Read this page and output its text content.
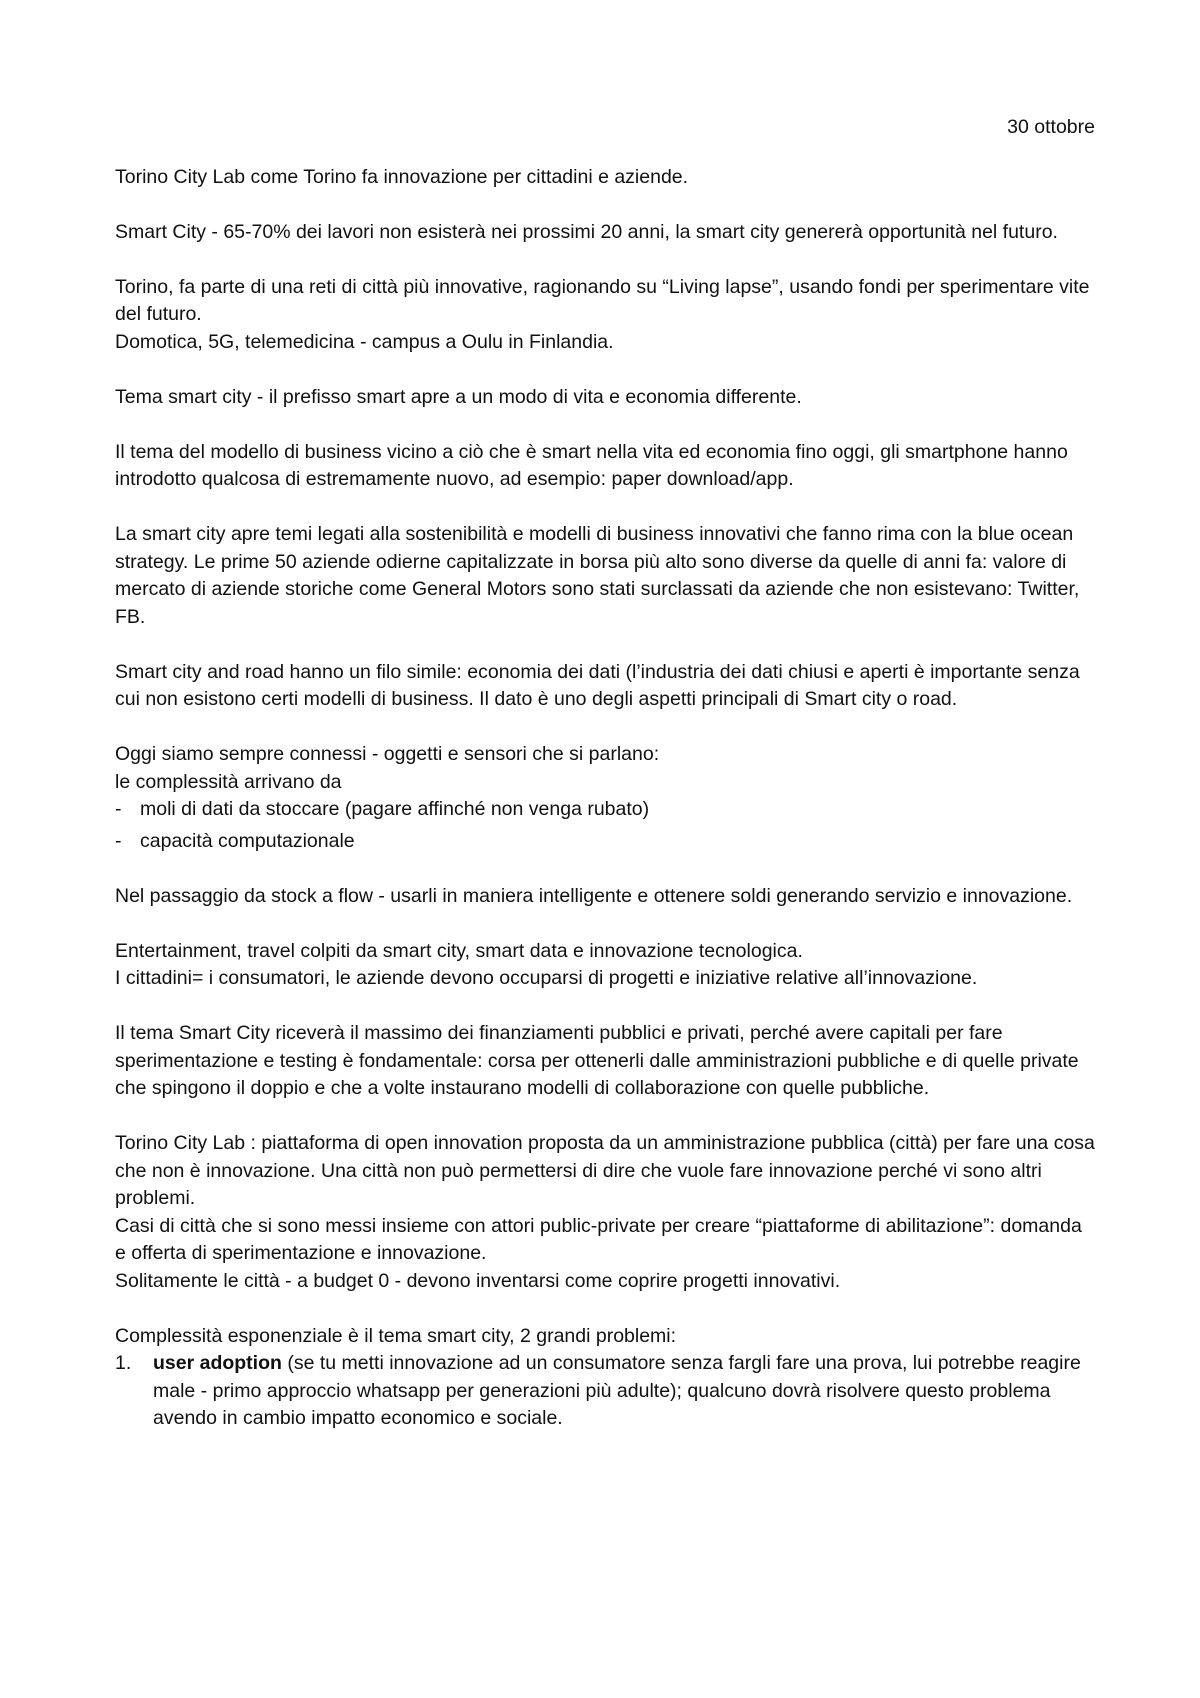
30 ottobre

Torino City Lab come Torino fa innovazione per cittadini e aziende.

Smart City - 65-70% dei lavori non esisterà nei prossimi 20 anni, la smart city genererà opportunità nel futuro.

Torino, fa parte di una reti di città più innovative, ragionando su “Living lapse”, usando fondi per sperimentare vite del futuro.

Domotica, 5G, telemedicina - campus a Oulu in Finlandia.

Tema smart city - il prefisso smart apre a un modo di vita e economia differente.

Il tema del modello di business vicino a ciò che è smart nella vita ed economia fino oggi, gli smartphone hanno introdotto qualcosa di estremamente nuovo, ad esempio: paper download/app.

La smart city apre temi legati alla sostenibilità e modelli di business innovativi che fanno rima con la blue ocean strategy. Le prime 50 aziende odierne capitalizzate in borsa più alto sono diverse da quelle di anni fa: valore di mercato di aziende storiche come General Motors sono stati surclassati da aziende che non esistevano: Twitter, FB.

Smart city and road hanno un filo simile: economia dei dati (l’industria dei dati chiusi e aperti è importante senza cui non esistono certi modelli di business. Il dato è uno degli aspetti principali di Smart city o road.

Oggi siamo sempre connessi - oggetti e sensori che si parlano:

le complessità arrivano da

- moli di dati da stoccare (pagare affinché non venga rubato)
- capacità computazionale

Nel passaggio da stock a flow - usarli in maniera intelligente e ottenere soldi generando servizio e innovazione.

Entertainment, travel colpiti da smart city, smart data e innovazione tecnologica.

I cittadini= i consumatori, le aziende devono occuparsi di progetti e iniziative relative all’innovazione.

Il tema Smart City riceverà il massimo dei finanziamenti pubblici e privati, perché avere capitali per fare sperimentazione e testing è fondamentale: corsa per ottenerli dalle amministrazioni pubbliche e di quelle private che spingono il doppio e che a volte instaurano modelli di collaborazione con quelle pubbliche.

Torino City Lab : piattaforma di open innovation proposta da un amministrazione pubblica (città) per fare una cosa che non è innovazione. Una città non può permettersi di dire che vuole fare innovazione perché vi sono altri problemi.

Casi di città che si sono messi insieme con attori public-private per creare “piattaforme di abilitazione”: domanda e offerta di sperimentazione e innovazione.

Solitamente le città - a budget 0 - devono inventarsi come coprire progetti innovativi.

Complessità esponenziale è il tema smart city, 2 grandi problemi:

1. user adoption (se tu metti innovazione ad un consumatore senza fargli fare una prova, lui potrebbe reagire male - primo approccio whatsapp per generazioni più adulte); qualcuno dovrà risolvere questo problema avendo in cambio impatto economico e sociale.
